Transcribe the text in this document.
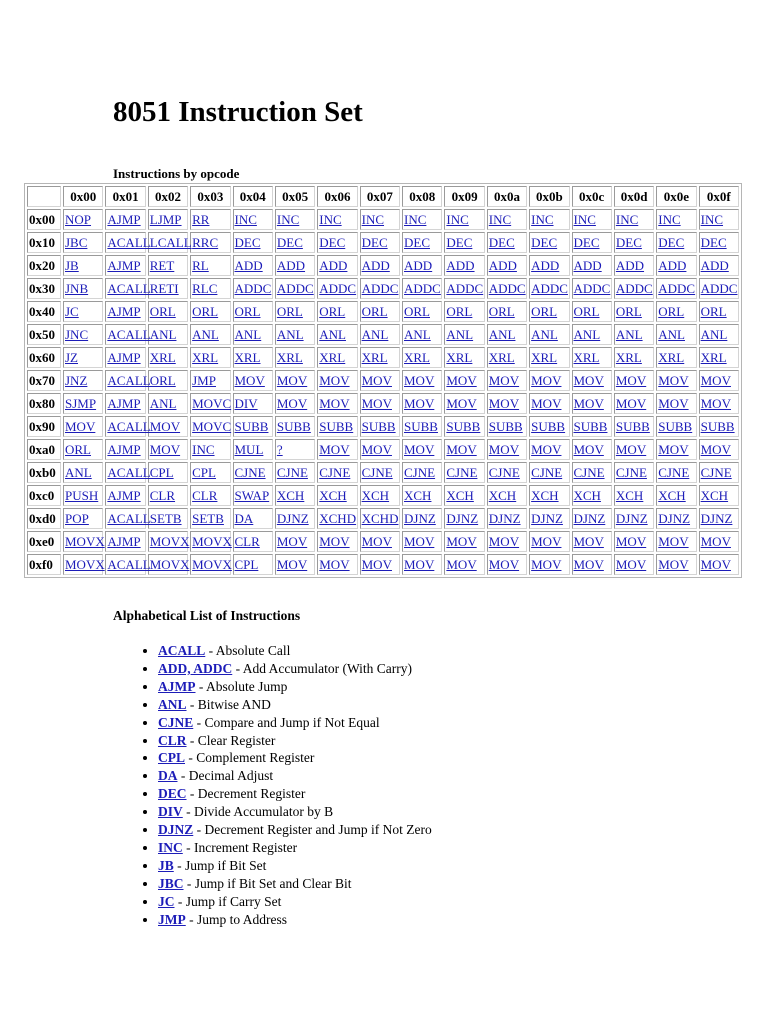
8051 Instruction Set
Instructions by opcode
	0x00	0x01	0x02	0x03	0x04	0x05	0x06	0x07	0x08	0x09	0x0a	0x0b	0x0c	0x0d	0x0e	0x0f
0x00	NOP	AJMP	LJMP	RR	INC	INC	INC	INC	INC	INC	INC	INC	INC	INC	INC	INC
0x10	JBC	ACALL	LCALL	RRC	DEC	DEC	DEC	DEC	DEC	DEC	DEC	DEC	DEC	DEC	DEC	DEC
0x20	JB	AJMP	RET	RL	ADD	ADD	ADD	ADD	ADD	ADD	ADD	ADD	ADD	ADD	ADD	ADD
0x30	JNB	ACALL	RETI	RLC	ADDC	ADDC	ADDC	ADDC	ADDC	ADDC	ADDC	ADDC	ADDC	ADDC	ADDC	ADDC
0x40	JC	AJMP	ORL	ORL	ORL	ORL	ORL	ORL	ORL	ORL	ORL	ORL	ORL	ORL	ORL	ORL
0x50	JNC	ACALL	ANL	ANL	ANL	ANL	ANL	ANL	ANL	ANL	ANL	ANL	ANL	ANL	ANL	ANL
0x60	JZ	AJMP	XRL	XRL	XRL	XRL	XRL	XRL	XRL	XRL	XRL	XRL	XRL	XRL	XRL	XRL
0x70	JNZ	ACALL	ORL	JMP	MOV	MOV	MOV	MOV	MOV	MOV	MOV	MOV	MOV	MOV	MOV	MOV
0x80	SJMP	AJMP	ANL	MOVC	DIV	MOV	MOV	MOV	MOV	MOV	MOV	MOV	MOV	MOV	MOV	MOV
0x90	MOV	ACALL	MOV	MOVC	SUBB	SUBB	SUBB	SUBB	SUBB	SUBB	SUBB	SUBB	SUBB	SUBB	SUBB	SUBB
0xa0	ORL	AJMP	MOV	INC	MUL	?	MOV	MOV	MOV	MOV	MOV	MOV	MOV	MOV	MOV	MOV
0xb0	ANL	ACALL	CPL	CPL	CJNE	CJNE	CJNE	CJNE	CJNE	CJNE	CJNE	CJNE	CJNE	CJNE	CJNE	CJNE
0xc0	PUSH	AJMP	CLR	CLR	SWAP	XCH	XCH	XCH	XCH	XCH	XCH	XCH	XCH	XCH	XCH	XCH
0xd0	POP	ACALL	SETB	SETB	DA	DJNZ	XCHD	XCHD	DJNZ	DJNZ	DJNZ	DJNZ	DJNZ	DJNZ	DJNZ	DJNZ
0xe0	MOVX	AJMP	MOVX	MOVX	CLR	MOV	MOV	MOV	MOV	MOV	MOV	MOV	MOV	MOV	MOV	MOV
0xf0	MOVX	ACALL	MOVX	MOVX	CPL	MOV	MOV	MOV	MOV	MOV	MOV	MOV	MOV	MOV	MOV	MOV
Alphabetical List of Instructions
• ACALL - Absolute Call
• ADD, ADDC - Add Accumulator (With Carry)
• AJMP - Absolute Jump
• ANL - Bitwise AND
• CJNE - Compare and Jump if Not Equal
• CLR - Clear Register
• CPL - Complement Register
• DA - Decimal Adjust
• DEC - Decrement Register
• DIV - Divide Accumulator by B
• DJNZ - Decrement Register and Jump if Not Zero
• INC - Increment Register
• JB - Jump if Bit Set
• JBC - Jump if Bit Set and Clear Bit
• JC - Jump if Carry Set
• JMP - Jump to Address
